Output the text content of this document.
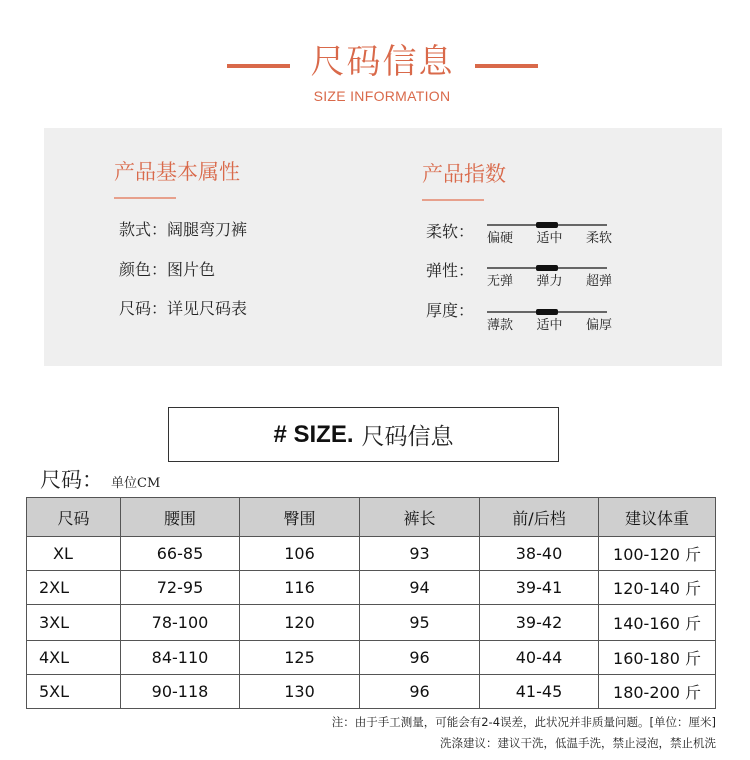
尺码信息
SIZE INFORMATION
产品基本属性
款式：阔腿弯刀裤
颜色：图片色
尺码：详见尺码表
产品指数
柔软： 偏硬 适中 柔软
弹性：
无弹 弹力 超弹
厚度：
薄款 适中 偏厚
# SIZE. 尺码信息
尺码： 单位CM
尺码	腰围	臀围	裤长	前/后档	建议体重
XL	66-85	106	93	38-40	100-120 斤
2XL	72-95	116	94	39-41	120-140 斤
3XL	78-100	120	95	39-42	140-160 斤
4XL	84-110	125	96	40-44	160-180 斤
5XL	90-118	130	96	41-45	180-200 斤
注：由于手工测量，可能会有2-4误差，此状况并非质量问题。[单位：厘米]
洗涤建议：建议干洗，低温手洗，禁止浸泡，禁止机洗
